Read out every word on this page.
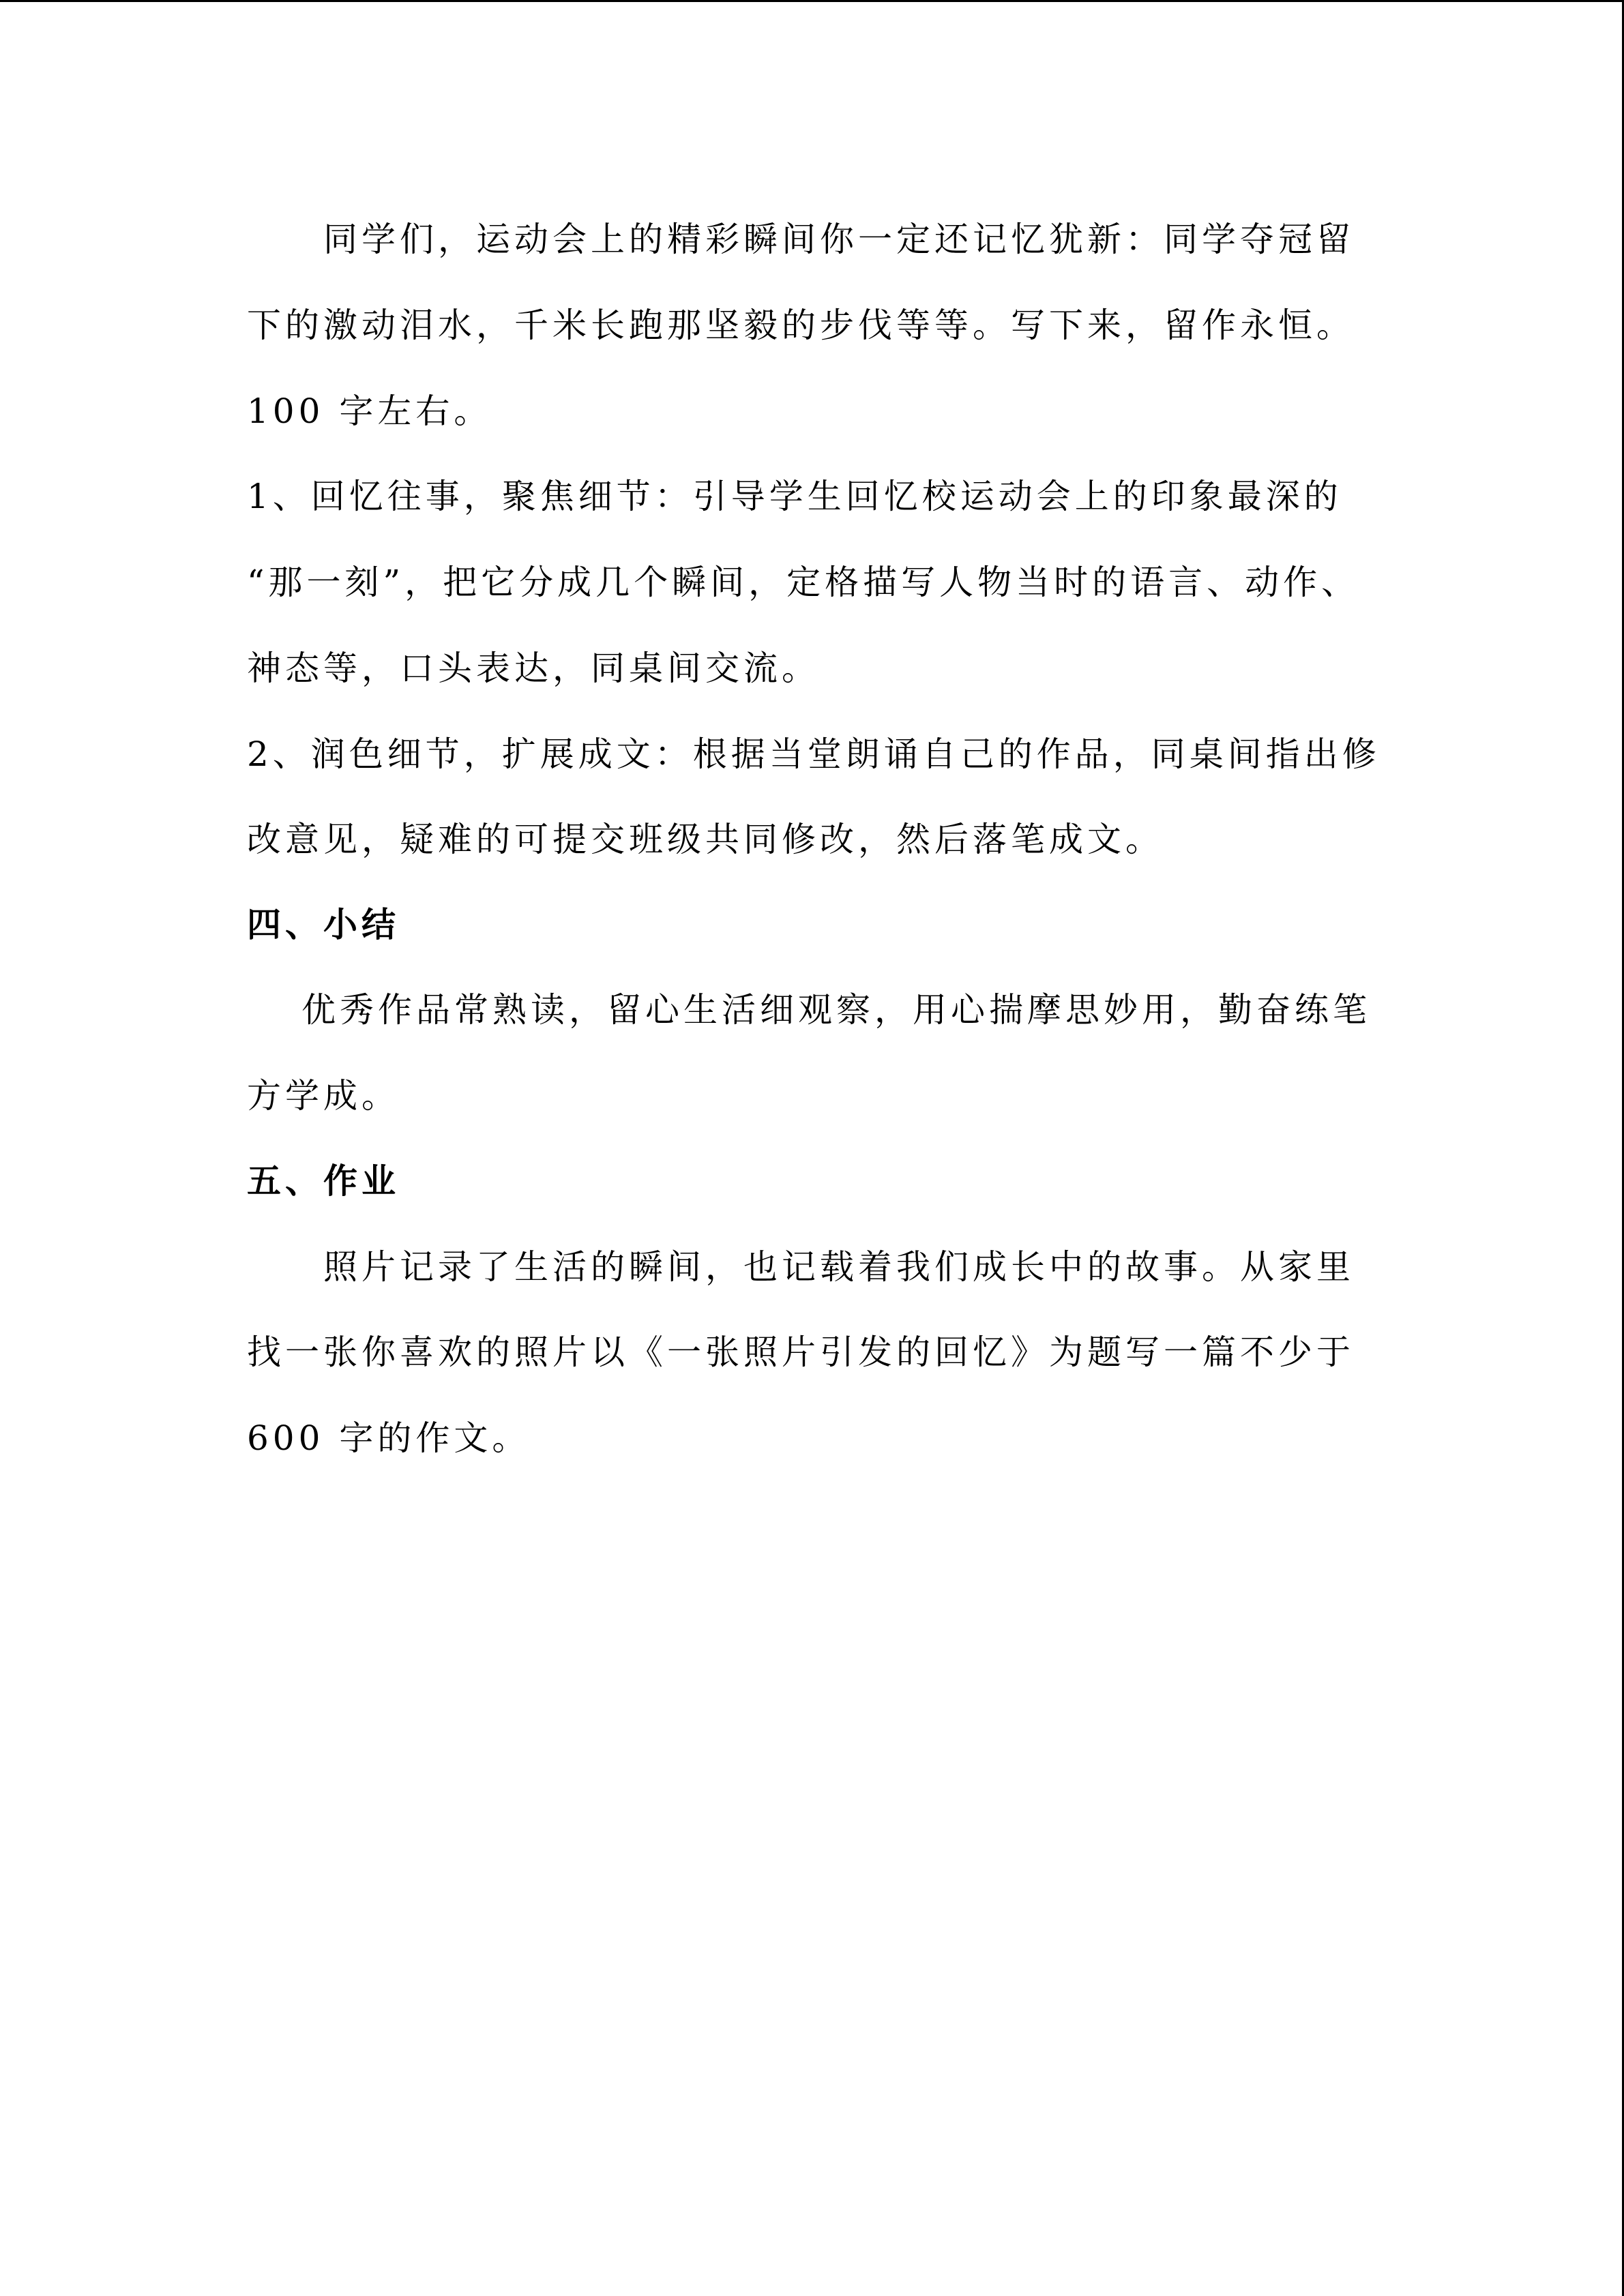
同学们，运动会上的精彩瞬间你一定还记忆犹新：同学夺冠留
下的激动泪水，千米长跑那坚毅的步伐等等。写下来，留作永恒。
100 字左右。
1、回忆往事，聚焦细节：引导学生回忆校运动会上的印象最深的
“那一刻”，把它分成几个瞬间，定格描写人物当时的语言、动作、
神态等，口头表达，同桌间交流。
2、润色细节，扩展成文：根据当堂朗诵自己的作品，同桌间指出修
改意见，疑难的可提交班级共同修改，然后落笔成文。
四、小结
优秀作品常熟读，留心生活细观察，用心揣摩思妙用，勤奋练笔
方学成。
五、作业
照片记录了生活的瞬间，也记载着我们成长中的故事。从家里
找一张你喜欢的照片以《一张照片引发的回忆》为题写一篇不少于
600 字的作文。
